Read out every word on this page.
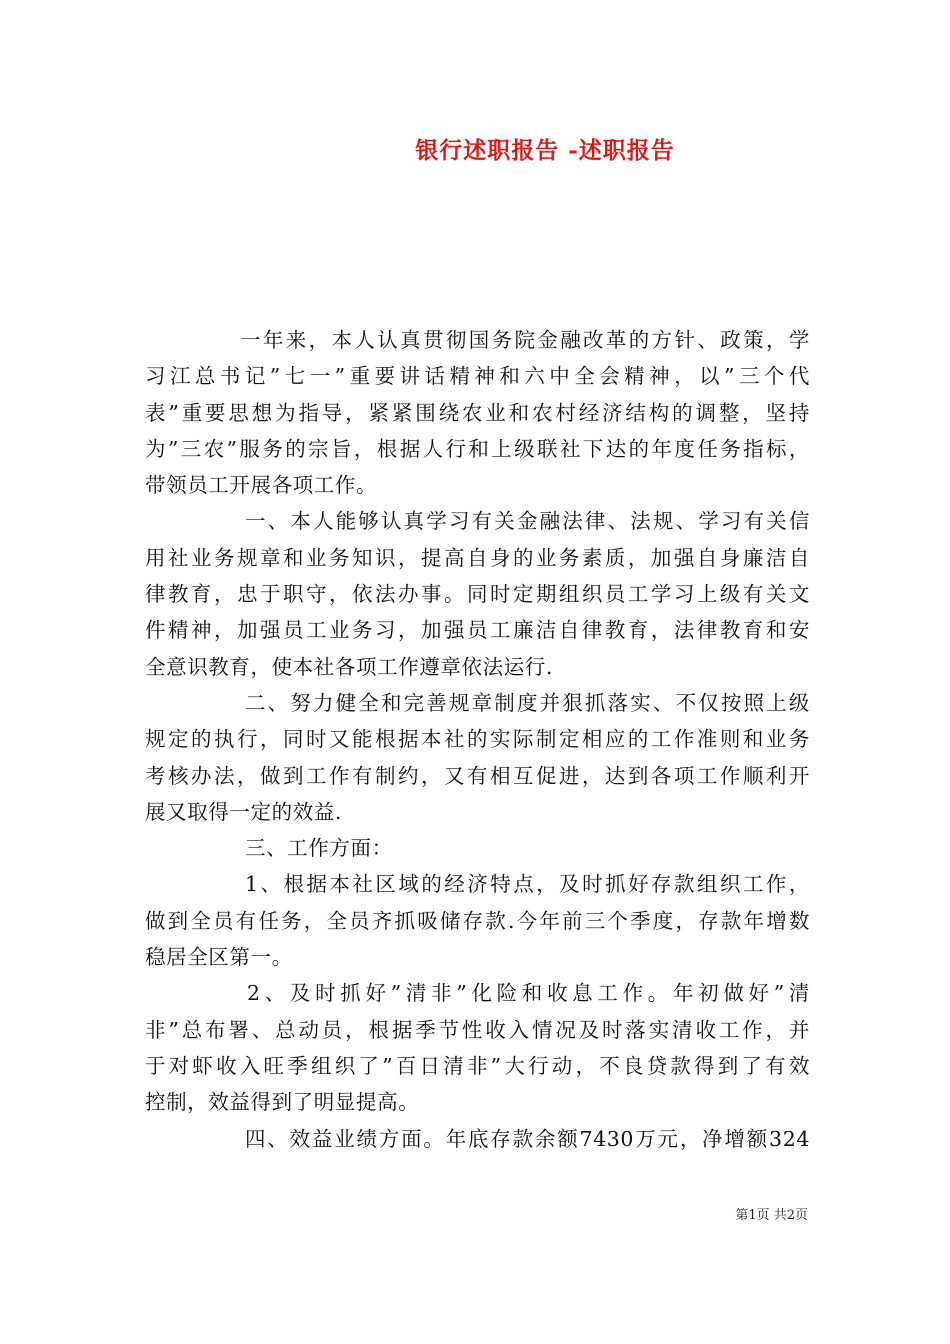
银行述职报告 -述职报告
一年来，本人认真贯彻国务院金融改革的方针、政策，学
习江总书记”七一”重要讲话精神和六中全会精神，以”三个代
表”重要思想为指导，紧紧围绕农业和农村经济结构的调整，坚持
为”三农”服务的宗旨，根据人行和上级联社下达的年度任务指标，
带领员工开展各项工作。
一、本人能够认真学习有关金融法律、法规、学习有关信
用社业务规章和业务知识，提高自身的业务素质，加强自身廉洁自
律教育，忠于职守，依法办事。同时定期组织员工学习上级有关文
件精神，加强员工业务习，加强员工廉洁自律教育，法律教育和安
全意识教育，使本社各项工作遵章依法运行.
二、努力健全和完善规章制度并狠抓落实、不仅按照上级
规定的执行，同时又能根据本社的实际制定相应的工作准则和业务
考核办法，做到工作有制约，又有相互促进，达到各项工作顺利开
展又取得一定的效益.
三、工作方面：
1、根据本社区域的经济特点，及时抓好存款组织工作，
做到全员有任务，全员齐抓吸储存款.今年前三个季度，存款年增数
稳居全区第一。
2、及时抓好”清非”化险和收息工作。年初做好”清
非”总布署、总动员，根据季节性收入情况及时落实清收工作，并
于对虾收入旺季组织了”百日清非”大行动，不良贷款得到了有效
控制，效益得到了明显提高。
四、效益业绩方面。年底存款余额7430万元，净增额324
第1页 共2页
